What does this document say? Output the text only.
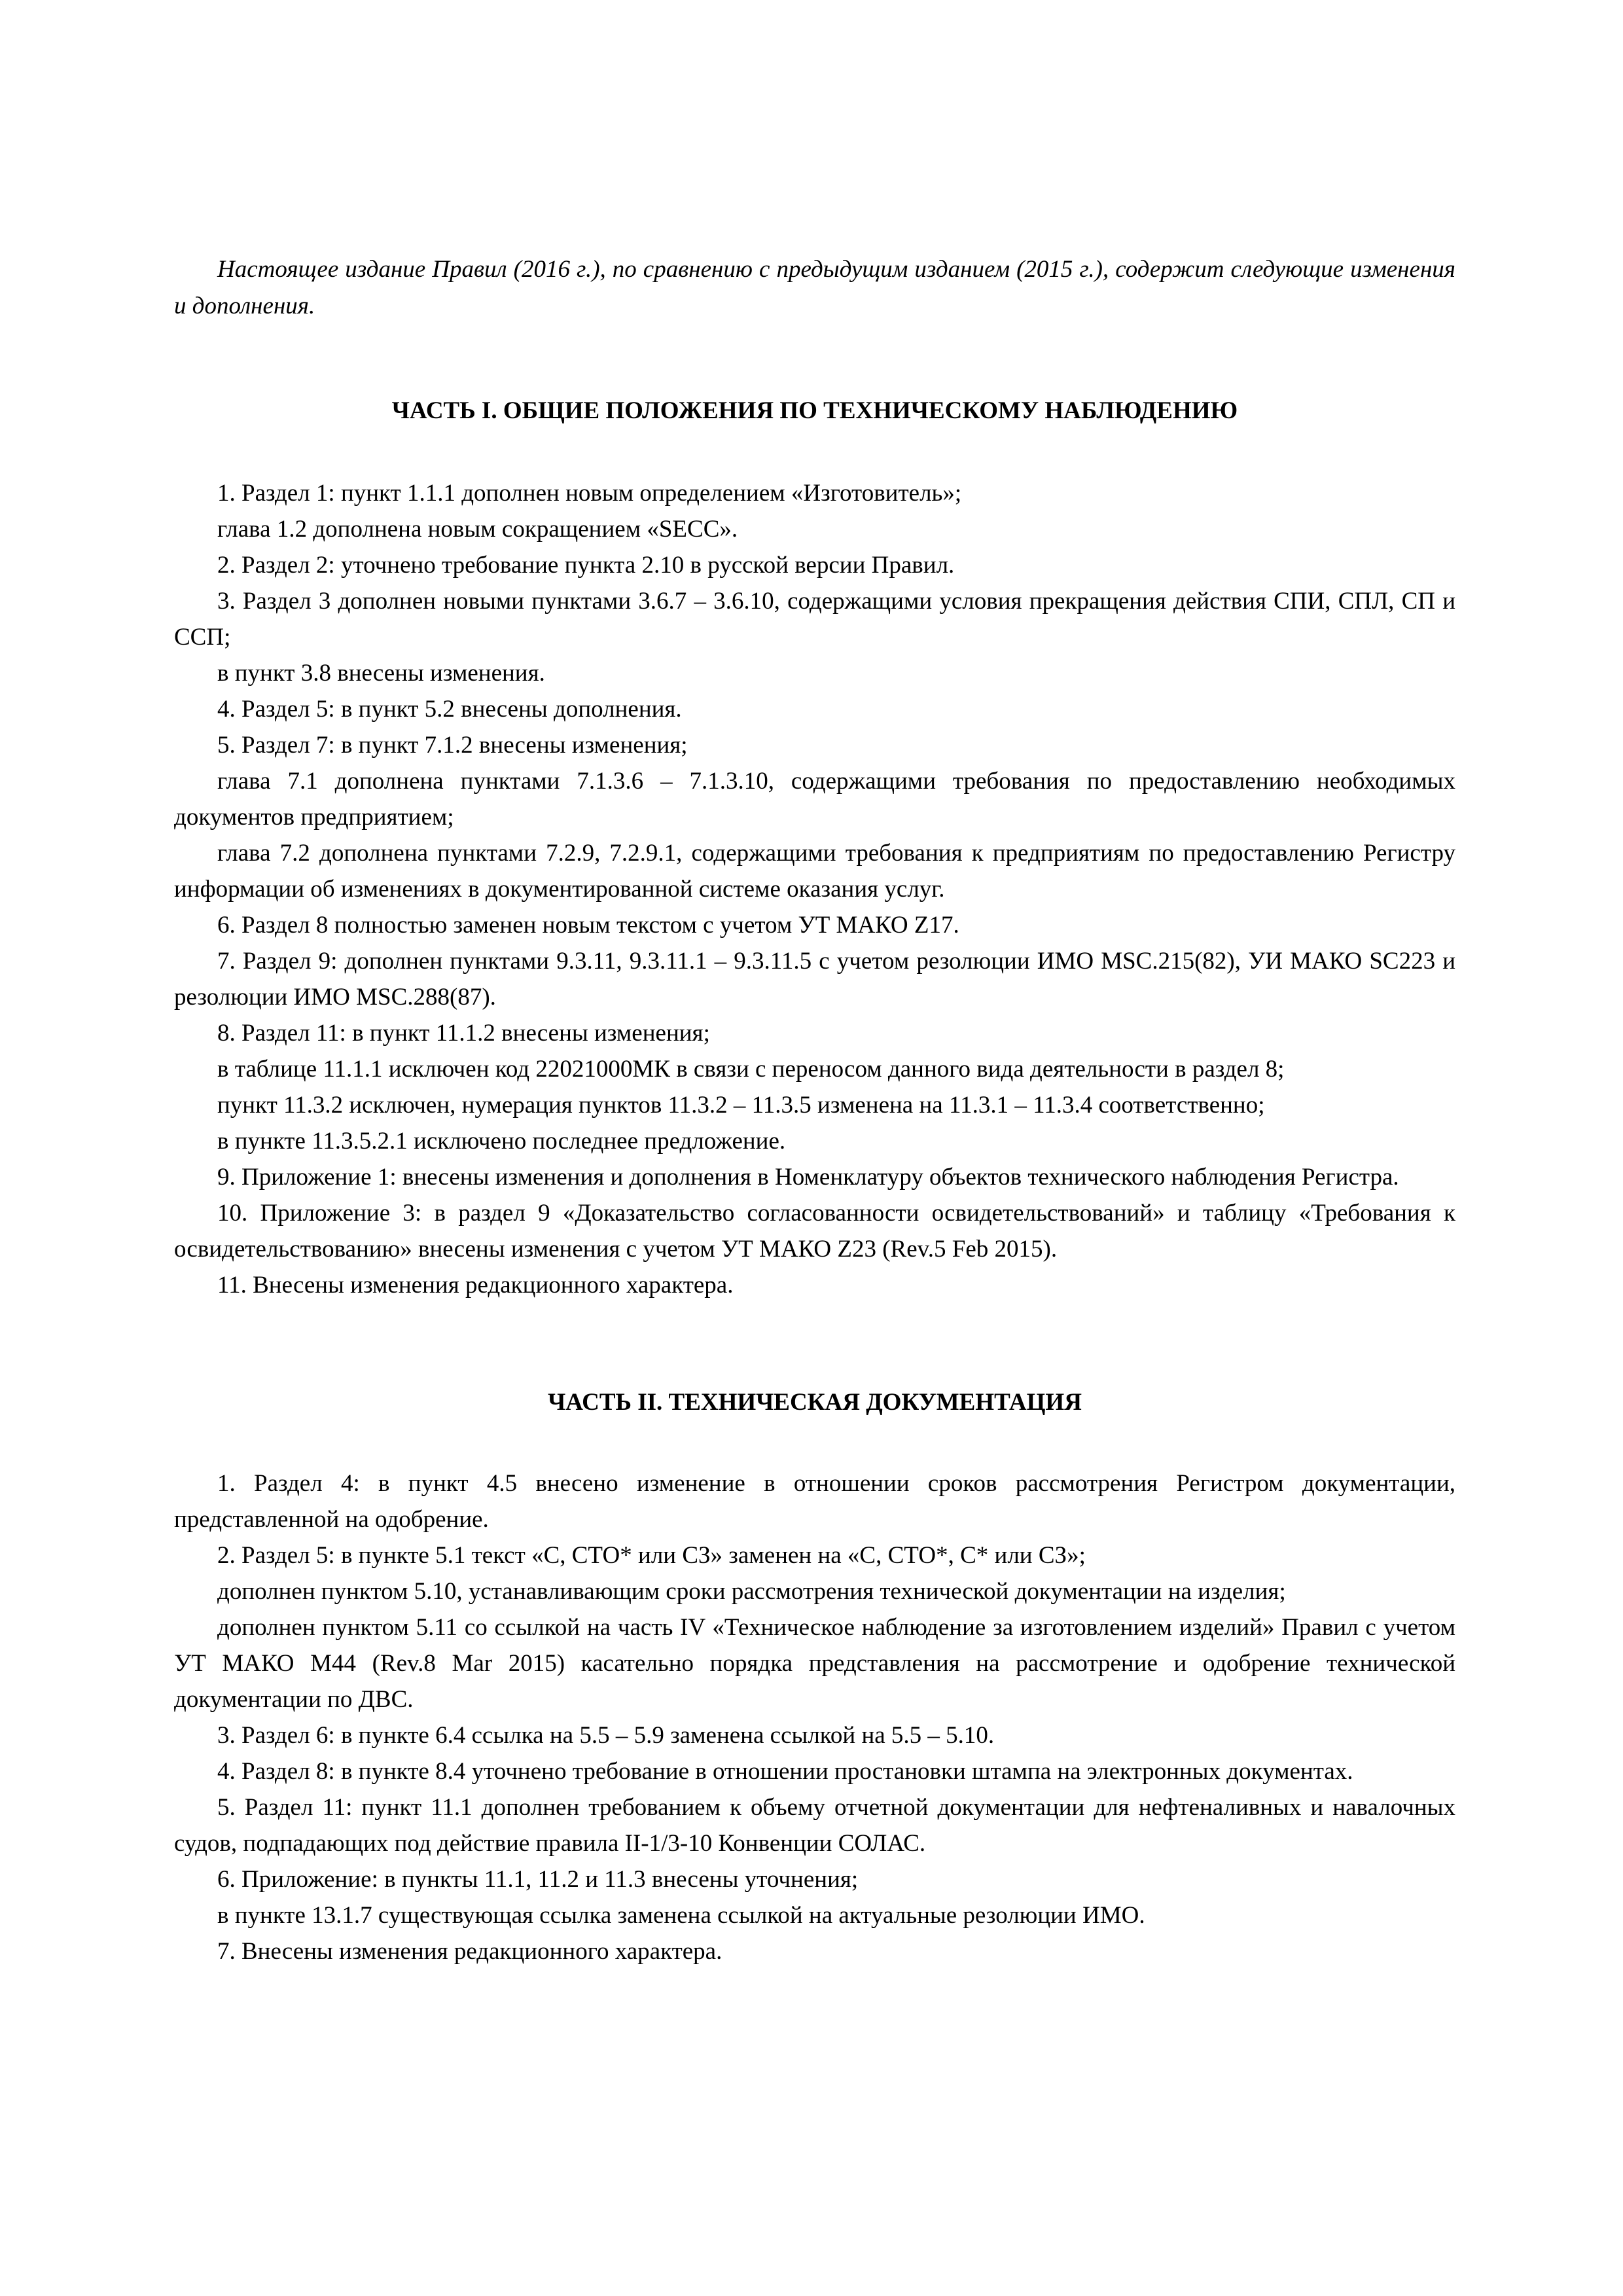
Настоящее издание Правил (2016 г.), по сравнению с предыдущим изданием (2015 г.), содержит следующие изменения и дополнения.

ЧАСТЬ I. ОБЩИЕ ПОЛОЖЕНИЯ ПО ТЕХНИЧЕСКОМУ НАБЛЮДЕНИЮ

1. Раздел 1: пункт 1.1.1 дополнен новым определением «Изготовитель»;

глава 1.2 дополнена новым сокращением «SECC».

2. Раздел 2: уточнено требование пункта 2.10 в русской версии Правил.

3. Раздел 3 дополнен новыми пунктами 3.6.7 – 3.6.10, содержащими условия прекращения действия СПИ, СПЛ, СП и ССП;

в пункт 3.8 внесены изменения.

4. Раздел 5: в пункт 5.2 внесены дополнения.

5. Раздел 7: в пункт 7.1.2 внесены изменения;

глава 7.1 дополнена пунктами 7.1.3.6 – 7.1.3.10, содержащими требования по предоставлению необходимых документов предприятием;

глава 7.2 дополнена пунктами 7.2.9, 7.2.9.1, содержащими требования к предприятиям по предоставлению Регистру информации об изменениях в документированной системе оказания услуг.

6. Раздел 8 полностью заменен новым текстом с учетом УТ МАКО Z17.

7. Раздел 9: дополнен пунктами 9.3.11, 9.3.11.1 – 9.3.11.5 с учетом резолюции ИМО MSC.215(82), УИ МАКО SC223 и резолюции ИМО MSC.288(87).

8. Раздел 11: в пункт 11.1.2 внесены изменения;

в таблице 11.1.1 исключен код 22021000МК в связи с переносом данного вида деятельности в раздел 8;

пункт 11.3.2 исключен, нумерация пунктов 11.3.2 – 11.3.5 изменена на 11.3.1 – 11.3.4 соответственно;

в пункте 11.3.5.2.1 исключено последнее предложение.

9. Приложение 1: внесены изменения и дополнения в Номенклатуру объектов технического наблюдения Регистра.

10. Приложение 3: в раздел 9 «Доказательство согласованности освидетельствований» и таблицу «Требования к освидетельствованию» внесены изменения с учетом УТ МАКО Z23 (Rev.5 Feb 2015).

11. Внесены изменения редакционного характера.

ЧАСТЬ II. ТЕХНИЧЕСКАЯ ДОКУМЕНТАЦИЯ

1. Раздел 4: в пункт 4.5 внесено изменение в отношении сроков рассмотрения Регистром документации, представленной на одобрение.

2. Раздел 5: в пункте 5.1 текст «С, СТО* или СЗ» заменен на «С, СТО*, С* или СЗ»;

дополнен пунктом 5.10, устанавливающим сроки рассмотрения технической документации на изделия;

дополнен пунктом 5.11 со ссылкой на часть IV «Техническое наблюдение за изготовлением изделий» Правил с учетом УТ МАКО М44 (Rev.8 Mar 2015) касательно порядка представления на рассмотрение и одобрение технической документации по ДВС.

3. Раздел 6: в пункте 6.4 ссылка на 5.5 – 5.9 заменена ссылкой на 5.5 – 5.10.

4. Раздел 8: в пункте 8.4 уточнено требование в отношении простановки штампа на электронных документах.

5. Раздел 11: пункт 11.1 дополнен требованием к объему отчетной документации для нефтеналивных и навалочных судов, подпадающих под действие правила II-1/3-10 Конвенции СОЛАС.

6. Приложение: в пункты 11.1, 11.2 и 11.3 внесены уточнения;

в пункте 13.1.7 существующая ссылка заменена ссылкой на актуальные резолюции ИМО.

7. Внесены изменения редакционного характера.
